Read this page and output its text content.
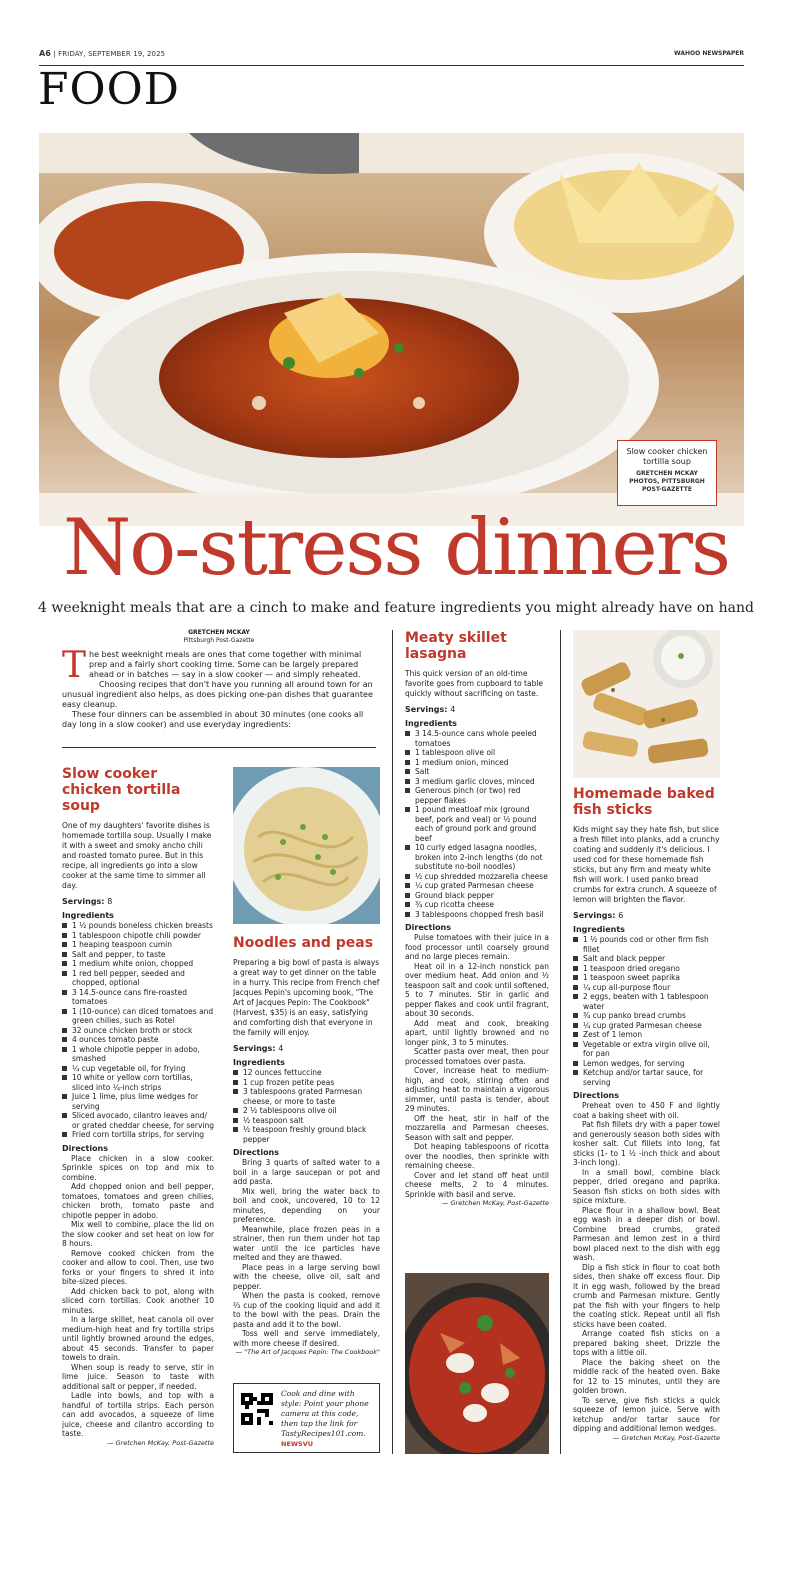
A6 | FRIDAY, SEPTEMBER 19, 2025	WAHOO NEWSPAPER
FOOD
Slow cooker chicken tortilla soup
GRETCHEN MCKAY PHOTOS, PITTSBURGH POST-GAZETTE
No-stress dinners
4 weeknight meals that are a cinch to make and feature ingredients you might already have on hand
GRETCHEN MCKAY
Pittsburgh Post-Gazette

The best weeknight meals are ones that come together with minimal prep and a fairly short cooking time. Some can be largely prepared ahead or in batches — say in a slow cooker — and simply reheated.

Choosing recipes that don't have you running all around town for an unusual ingredient also helps, as does picking one-pan dishes that guarantee easy cleanup.

These four dinners can be assembled in about 30 minutes (one cooks all day long in a slow cooker) and use everyday ingredients:

Slow cooker chicken tortilla soup
One of my daughters' favorite dishes is homemade tortilla soup. Usually I make it with a sweet and smoky ancho chili and roasted tomato puree. But in this recipe, all ingredients go into a slow cooker at the same time to simmer all day.
Servings: 8
Ingredients
1 ½ pounds boneless chicken breasts
1 tablespoon chipotle chili powder
1 heaping teaspoon cumin
Salt and pepper, to taste
1 medium white onion, chopped
1 red bell pepper, seeded and chopped, optional
3 14.5-ounce cans fire-roasted tomatoes
1 (10-ounce) can diced tomatoes and green chilies, such as Rotel
32 ounce chicken broth or stock
4 ounces tomato paste
1 whole chipotle pepper in adobo, smashed
¼ cup vegetable oil, for frying
10 white or yellow corn tortillas, sliced into ¼-inch strips
Juice 1 lime, plus lime wedges for serving
Sliced avocado, cilantro leaves and/ or grated cheddar cheese, for serving
Fried corn tortilla strips, for serving
Directions

Place chicken in a slow cooker. Sprinkle spices on top and mix to combine.

Add chopped onion and bell pepper, tomatoes, tomatoes and green chilies, chicken broth, tomato paste and chipotle pepper in adobo.

Mix well to combine, place the lid on the slow cooker and set heat on low for 8 hours.

Remove cooked chicken from the cooker and allow to cool. Then, use two forks or your fingers to shred it into bite-sized pieces.

Add chicken back to pot, along with sliced corn tortillas. Cook another 10 minutes.

In a large skillet, heat canola oil over medium-high heat and fry tortilla strips until lightly browned around the edges, about 45 seconds. Transfer to paper towels to drain.

When soup is ready to serve, stir in lime juice. Season to taste with additional salt or pepper, if needed.

Ladle into bowls, and top with a handful of tortilla strips. Each person can add avocados, a squeeze of lime juice, cheese and cilantro according to taste.

— Gretchen McKay, Post-Gazette
Noodles and peas
Preparing a big bowl of pasta is always a great way to get dinner on the table in a hurry. This recipe from French chef Jacques Pepin's upcoming book, "The Art of Jacques Pepin: The Cookbook" (Harvest, $35) is an easy, satisfying and comforting dish that everyone in the family will enjoy.
Servings: 4
Ingredients
12 ounces fettuccine
1 cup frozen petite peas
3 tablespoons grated Parmesan cheese, or more to taste
2 ½ tablespoons olive oil
½ teaspoon salt
½ teaspoon freshly ground black pepper
Directions

Bring 3 quarts of salted water to a boil in a large saucepan or pot and add pasta.

Mix well, bring the water back to boil and cook, uncovered, 10 to 12 minutes, depending on your preference.

Meanwhile, place frozen peas in a strainer, then run them under hot tap water until the ice particles have melted and they are thawed.

Place peas in a large serving bowl with the cheese, olive oil, salt and pepper.

When the pasta is cooked, remove ⅔ cup of the cooking liquid and add it to the bowl with the peas. Drain the pasta and add it to the bowl.

Toss well and serve immediately, with more cheese if desired.

— "The Art of Jacques Pepin: The Cookbook"
Cook and dine with style: Point your phone camera at this code, then tap the link for TastyRecipes101.com. NEWSVU
Meaty skillet lasagna
This quick version of an old-time favorite goes from cupboard to table quickly without sacrificing on taste.
Servings: 4
Ingredients
3 14.5-ounce cans whole peeled tomatoes
1 tablespoon olive oil
1 medium onion, minced
Salt
3 medium garlic cloves, minced
Generous pinch (or two) red pepper flakes
1 pound meatloaf mix (ground beef, pork and veal) or ½ pound each of ground pork and ground beef
10 curly edged lasagna noodles, broken into 2-inch lengths (do not substitute no-boil noodles)
½ cup shredded mozzarella cheese
¼ cup grated Parmesan cheese
Ground black pepper
¾ cup ricotta cheese
3 tablespoons chopped fresh basil
Directions

Pulse tomatoes with their juice in a food processor until coarsely ground and no large pieces remain.

Heat oil in a 12-inch nonstick pan over medium heat. Add onion and ½ teaspoon salt and cook until softened, 5 to 7 minutes. Stir in garlic and pepper flakes and cook until fragrant, about 30 seconds.

Add meat and cook, breaking apart, until lightly browned and no longer pink, 3 to 5 minutes.

Scatter pasta over meat, then pour processed tomatoes over pasta.

Cover, increase heat to medium-high, and cook, stirring often and adjusting heat to maintain a vigorous simmer, until pasta is tender, about 29 minutes.

Off the heat, stir in half of the mozzarella and Parmesan cheeses. Season with salt and pepper.

Dot heaping tablespoons of ricotta over the noodles, then sprinkle with remaining cheese.

Cover and let stand off heat until cheese melts, 2 to 4 minutes. Sprinkle with basil and serve.

— Gretchen McKay, Post-Gazette
Homemade baked fish sticks
Kids might say they hate fish, but slice a fresh fillet into planks, add a crunchy coating and suddenly it's delicious. I used cod for these homemade fish sticks, but any firm and meaty white fish will work. I used panko bread crumbs for extra crunch. A squeeze of lemon will brighten the flavor.
Servings: 6
Ingredients
1 ½ pounds cod or other firm fish fillet
Salt and black pepper
1 teaspoon dried oregano
1 teaspoon sweet paprika
¼ cup all-purpose flour
2 eggs, beaten with 1 tablespoon water
¾ cup panko bread crumbs
¼ cup grated Parmesan cheese
Zest of 1 lemon
Vegetable or extra virgin olive oil, for pan
Lemon wedges, for serving
Ketchup and/or tartar sauce, for serving
Directions

Preheat oven to 450 F and lightly coat a baking sheet with oil.

Pat fish fillets dry with a paper towel and generously season both sides with kosher salt. Cut fillets into long, fat sticks (1- to 1 ½ -inch thick and about 3-inch long).

In a small bowl, combine black pepper, dried oregano and paprika. Season fish sticks on both sides with spice mixture.

Place flour in a shallow bowl. Beat egg wash in a deeper dish or bowl. Combine bread crumbs, grated Parmesan and lemon zest in a third bowl placed next to the dish with egg wash.

Dip a fish stick in flour to coat both sides, then shake off excess flour. Dip it in egg wash, followed by the bread crumb and Parmesan mixture. Gently pat the fish with your fingers to help the coating stick. Repeat until all fish sticks have been coated.

Arrange coated fish sticks on a prepared baking sheet. Drizzle the tops with a little oil.

Place the baking sheet on the middle rack of the heated oven. Bake for 12 to 15 minutes, until they are golden brown.

To serve, give fish sticks a quick squeeze of lemon juice. Serve with ketchup and/or tartar sauce for dipping and additional lemon wedges.

— Gretchen McKay, Post-Gazette
